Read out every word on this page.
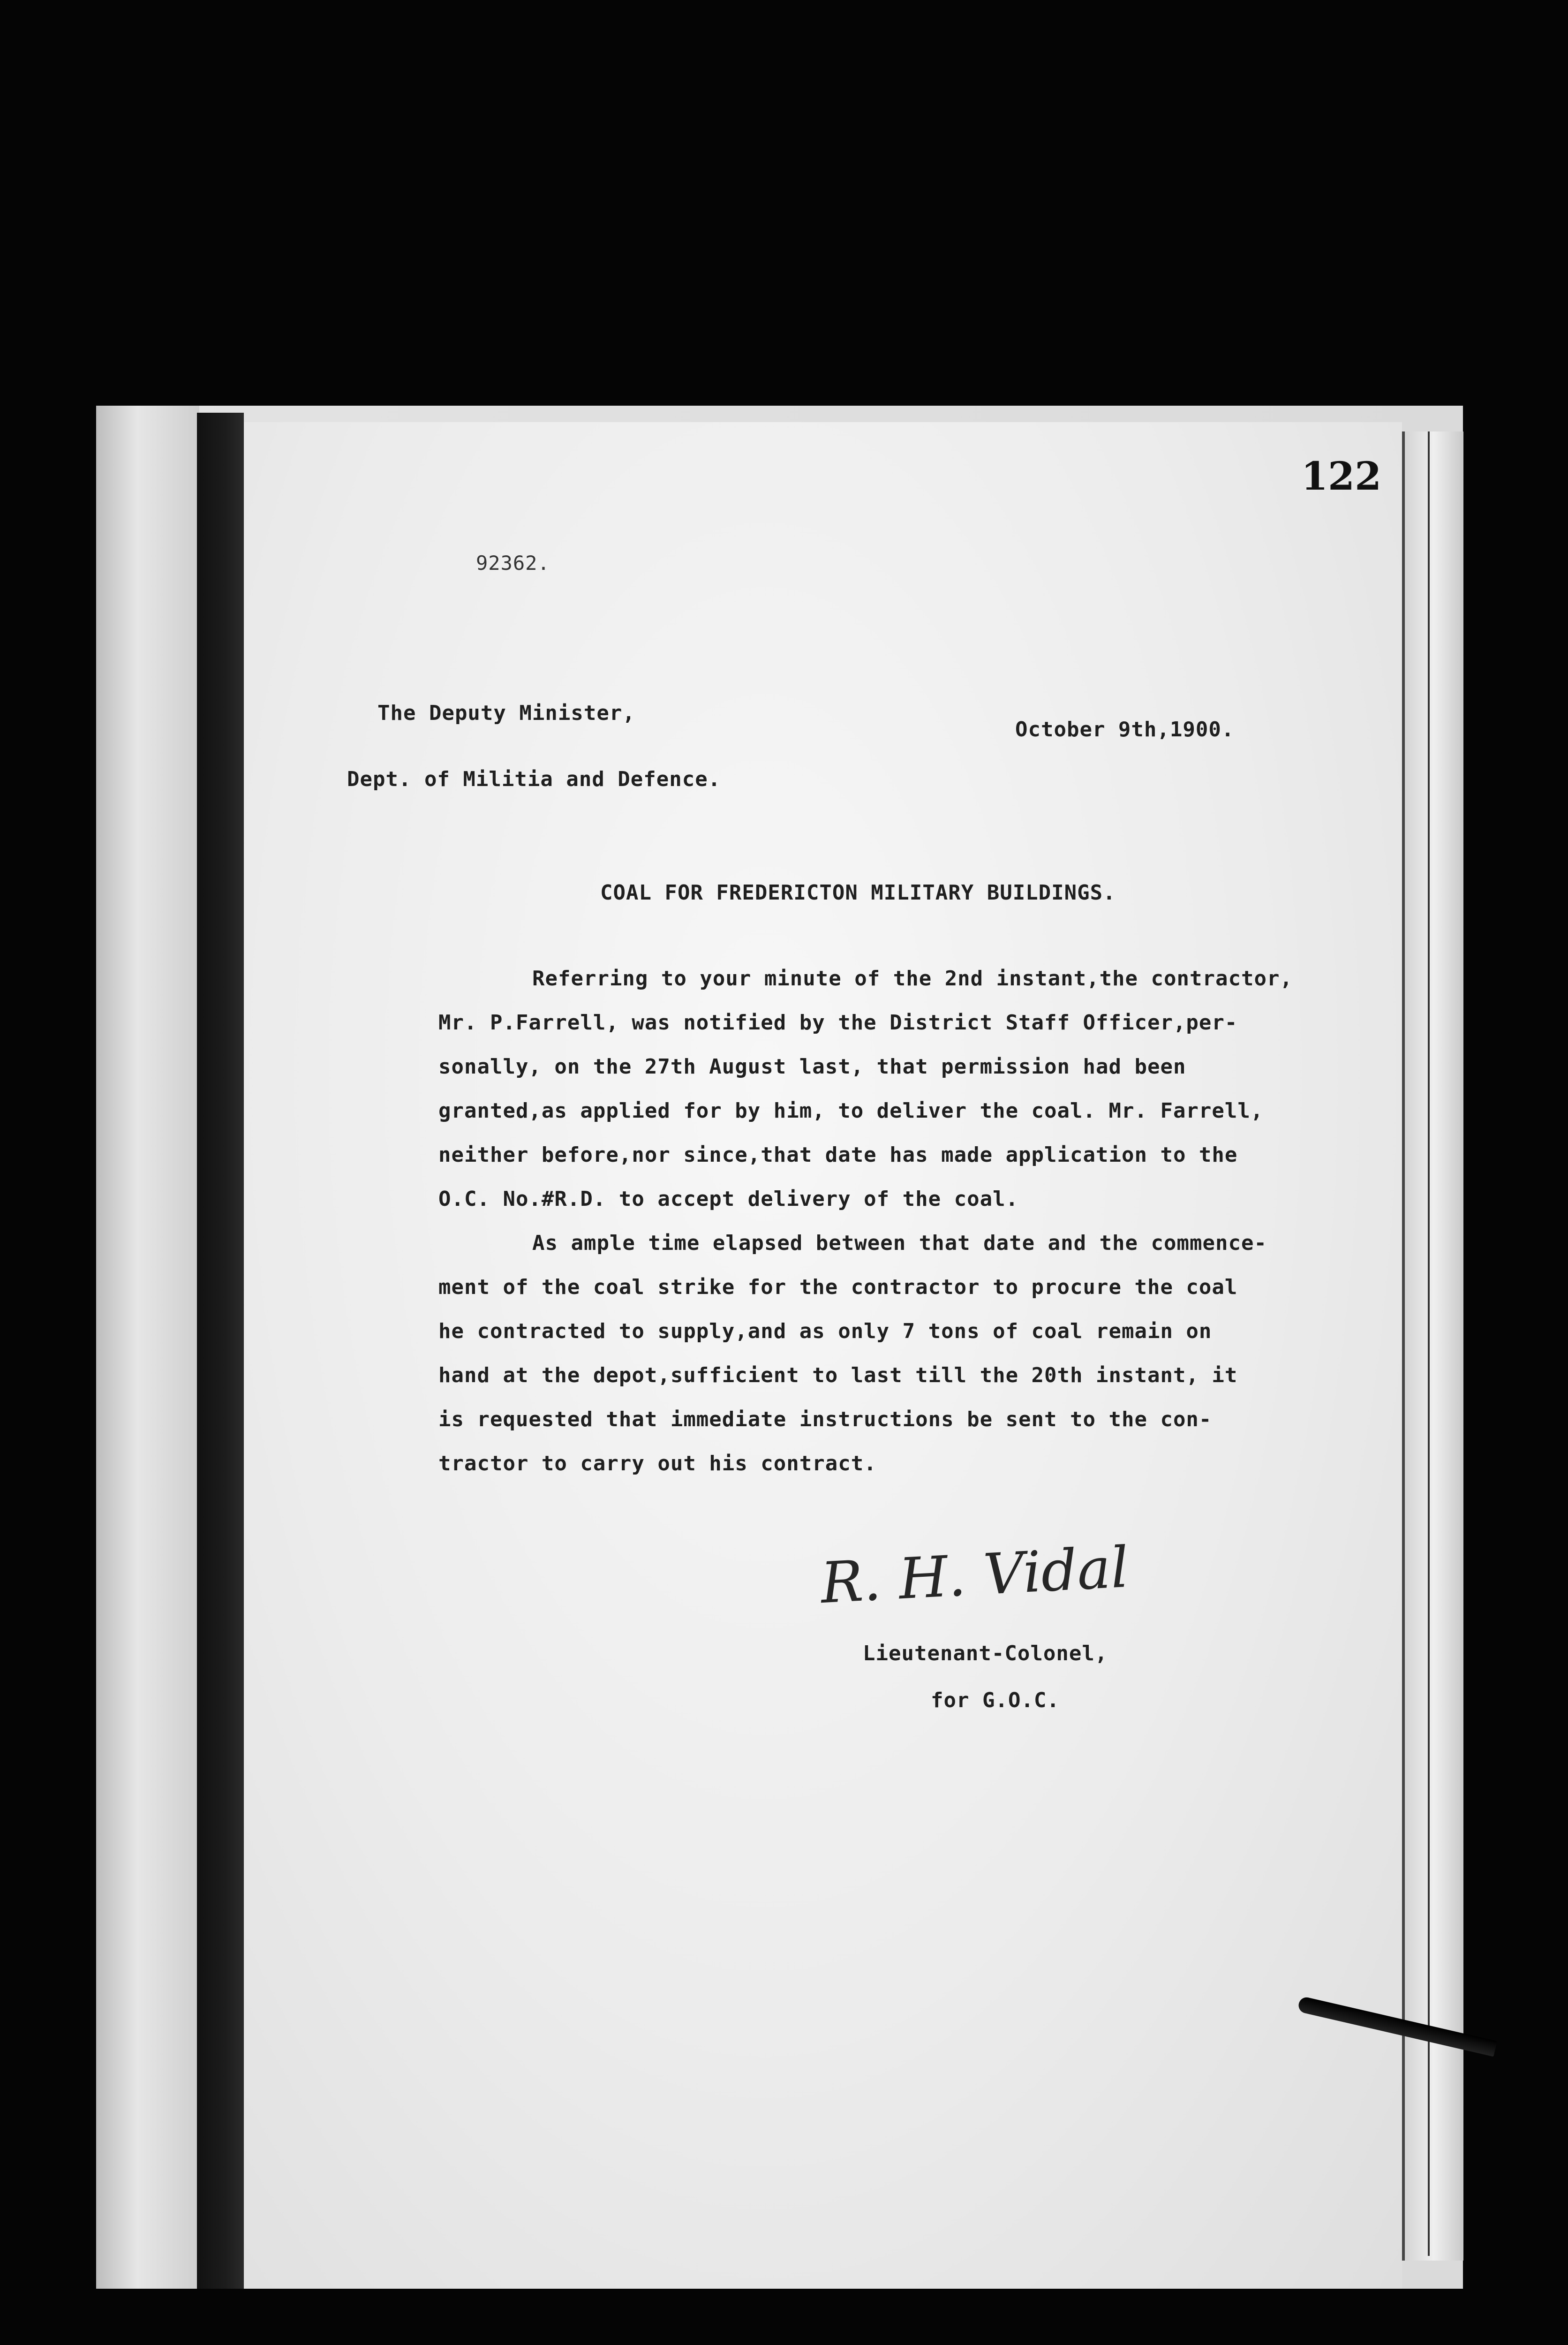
122
92362.
The Deputy Minister,
Dept. of Militia and Defence.
October 9th,1900.
COAL FOR FREDERICTON MILITARY BUILDINGS.
Referring to your minute of the 2nd instant,the contractor,
Mr. P.Farrell, was notified by the District Staff Officer,per-
sonally, on the 27th August last, that permission had been
granted,as applied for by him, to deliver the coal. Mr. Farrell,
neither before,nor since,that date has made application to the
O.C. No.#R.D. to accept delivery of the coal.
As ample time elapsed between that date and the commence-
ment of the coal strike for the contractor to procure the coal
he contracted to supply,and as only 7 tons of coal remain on
hand at the depot,sufficient to last till the 20th instant, it
is requested that immediate instructions be sent to the con-
tractor to carry out his contract.
R. H. Vidal
Lieutenant-Colonel,
for G.O.C.
